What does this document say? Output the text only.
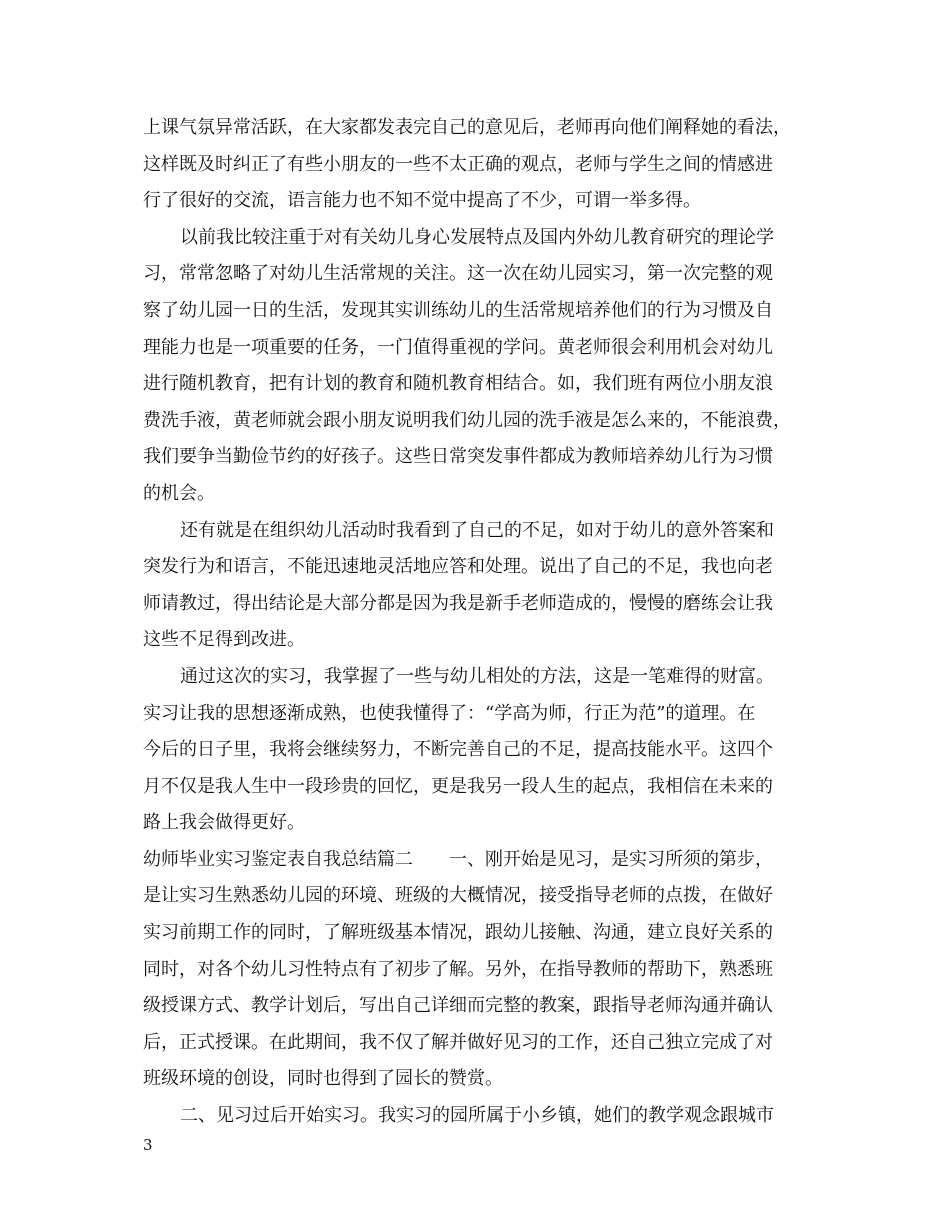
上课气氛异常活跃，在大家都发表完自己的意见后，老师再向他们阐释她的看法，
这样既及时纠正了有些小朋友的一些不太正确的观点，老师与学生之间的情感进
行了很好的交流，语言能力也不知不觉中提高了不少，可谓一举多得。
以前我比较注重于对有关幼儿身心发展特点及国内外幼儿教育研究的理论学
习，常常忽略了对幼儿生活常规的关注。这一次在幼儿园实习，第一次完整的观
察了幼儿园一日的生活，发现其实训练幼儿的生活常规培养他们的行为习惯及自
理能力也是一项重要的任务，一门值得重视的学问。黄老师很会利用机会对幼儿
进行随机教育，把有计划的教育和随机教育相结合。如，我们班有两位小朋友浪
费洗手液，黄老师就会跟小朋友说明我们幼儿园的洗手液是怎么来的，不能浪费，
我们要争当勤俭节约的好孩子。这些日常突发事件都成为教师培养幼儿行为习惯
的机会。
还有就是在组织幼儿活动时我看到了自己的不足，如对于幼儿的意外答案和
突发行为和语言，不能迅速地灵活地应答和处理。说出了自己的不足，我也向老
师请教过，得出结论是大部分都是因为我是新手老师造成的，慢慢的磨练会让我
这些不足得到改进。
通过这次的实习，我掌握了一些与幼儿相处的方法，这是一笔难得的财富。
实习让我的思想逐渐成熟，也使我懂得了：“学高为师，行正为范”的道理。在
今后的日子里，我将会继续努力，不断完善自己的不足，提高技能水平。这四个
月不仅是我人生中一段珍贵的回忆，更是我另一段人生的起点，我相信在未来的
路上我会做得更好。
幼师毕业实习鉴定表自我总结篇二 一、刚开始是见习，是实习所须的第步，
是让实习生熟悉幼儿园的环境、班级的大概情况，接受指导老师的点拨，在做好
实习前期工作的同时，了解班级基本情况，跟幼儿接触、沟通，建立良好关系的
同时，对各个幼儿习性特点有了初步了解。另外，在指导教师的帮助下，熟悉班
级授课方式、教学计划后，写出自己详细而完整的教案，跟指导老师沟通并确认
后，正式授课。在此期间，我不仅了解并做好见习的工作，还自己独立完成了对
班级环境的创设，同时也得到了园长的赞赏。
二、见习过后开始实习。我实习的园所属于小乡镇，她们的教学观念跟城市
3
